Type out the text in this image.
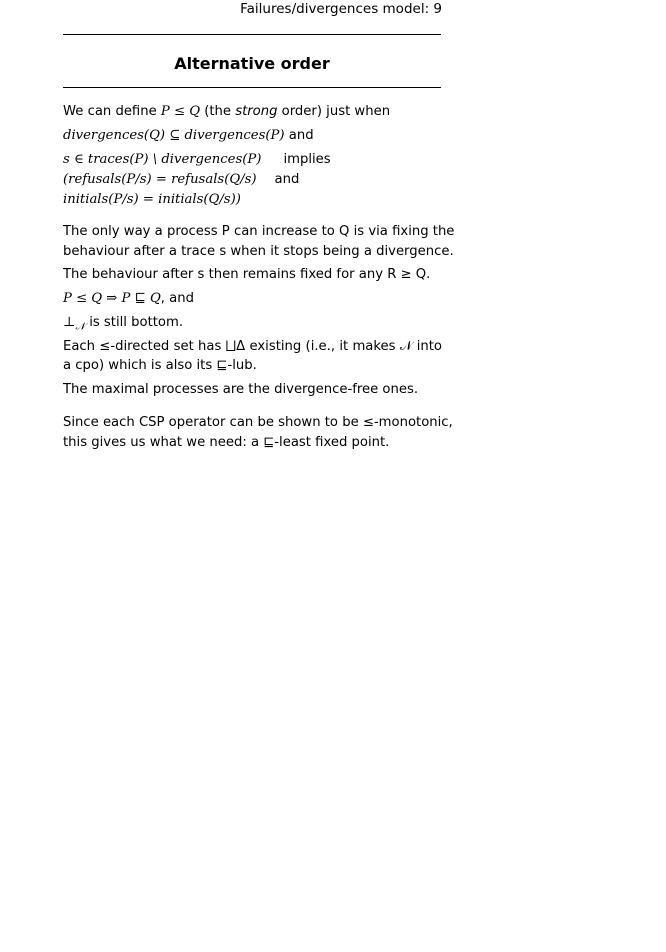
Failures/divergences model: 9
Alternative order
We can define P ≤ Q (the strong order) just when
divergences(Q) ⊆ divergences(P) and
s ∈ traces(P) \ divergences(P) implies
(refusals(P/s) = refusals(Q/s) and
initials(P/s) = initials(Q/s))
The only way a process P can increase to Q is via fixing the
behaviour after a trace s when it stops being a divergence.
The behaviour after s then remains fixed for any R ≥ Q.
P ≤ Q ⇒ P ⊑ Q, and
$\perp_𝒩$ is still bottom.
Each ≤-directed set has ⨆Δ existing (i.e., it makes 𝒩 into
a cpo) which is also its ⊑-lub.
The maximal processes are the divergence-free ones.
Since each CSP operator can be shown to be ≤-monotonic,
this gives us what we need: a ⊑-least fixed point.
